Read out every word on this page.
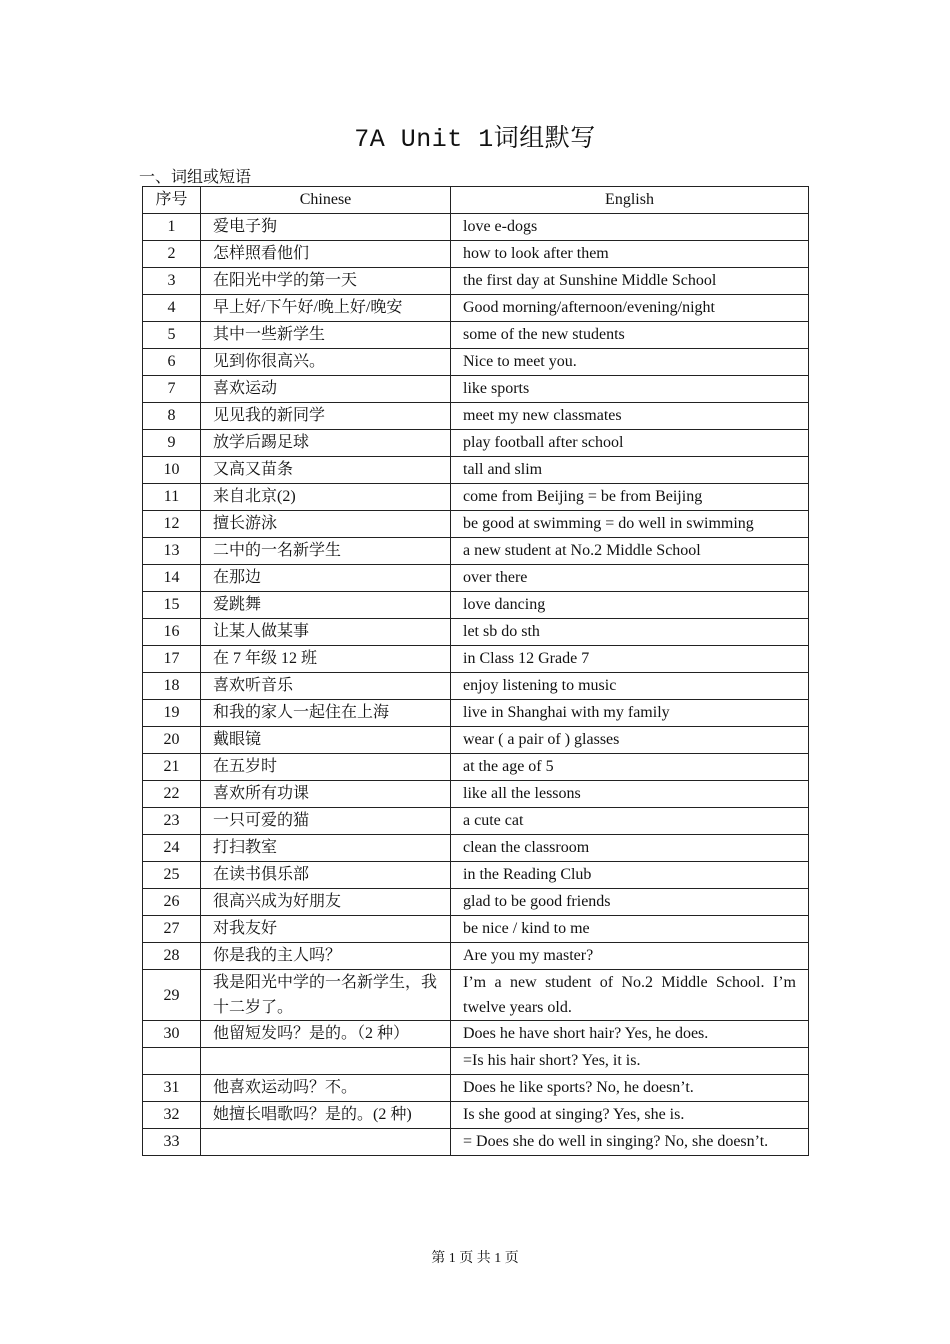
7A Unit 1词组默写
一、词组或短语
序号	Chinese	English
1	爱电子狗	love e-dogs
2	怎样照看他们	how to look after them
3	在阳光中学的第一天	the first day at Sunshine Middle School
4	早上好/下午好/晚上好/晚安	Good morning/afternoon/evening/night
5	其中一些新学生	some of the new students
6	见到你很高兴。	Nice to meet you.
7	喜欢运动	like sports
8	见见我的新同学	meet my new classmates
9	放学后踢足球	play football after school
10	又高又苗条	tall and slim
11	来自北京(2)	come from Beijing = be from Beijing
12	擅长游泳	be good at swimming = do well in swimming
13	二中的一名新学生	a new student at No.2 Middle School
14	在那边	over there
15	爱跳舞	love dancing
16	让某人做某事	let sb do sth
17	在 7 年级 12 班	in Class 12 Grade 7
18	喜欢听音乐	enjoy listening to music
19	和我的家人一起住在上海	live in Shanghai with my family
20	戴眼镜	wear ( a pair of ) glasses
21	在五岁时	at the age of 5
22	喜欢所有功课	like all the lessons
23	一只可爱的猫	a cute cat
24	打扫教室	clean the classroom
25	在读书俱乐部	in the Reading Club
26	很高兴成为好朋友	glad to be good friends
27	对我友好	be nice / kind to me
28	你是我的主人吗？	Are you my master?
29	我是阳光中学的一名新学生，我十二岁了。	I’m a new student of No.2 Middle School. I’m twelve years old.
30	他留短发吗？是的。（2 种）	Does he have short hair? Yes, he does.
		=Is his hair short? Yes, it is.
31	他喜欢运动吗？不。	Does he like sports? No, he doesn’t.
32	她擅长唱歌吗？是的。(2 种)	Is she good at singing? Yes, she is.
33		= Does she do well in singing? No, she doesn’t.
第 1 页 共 1 页
